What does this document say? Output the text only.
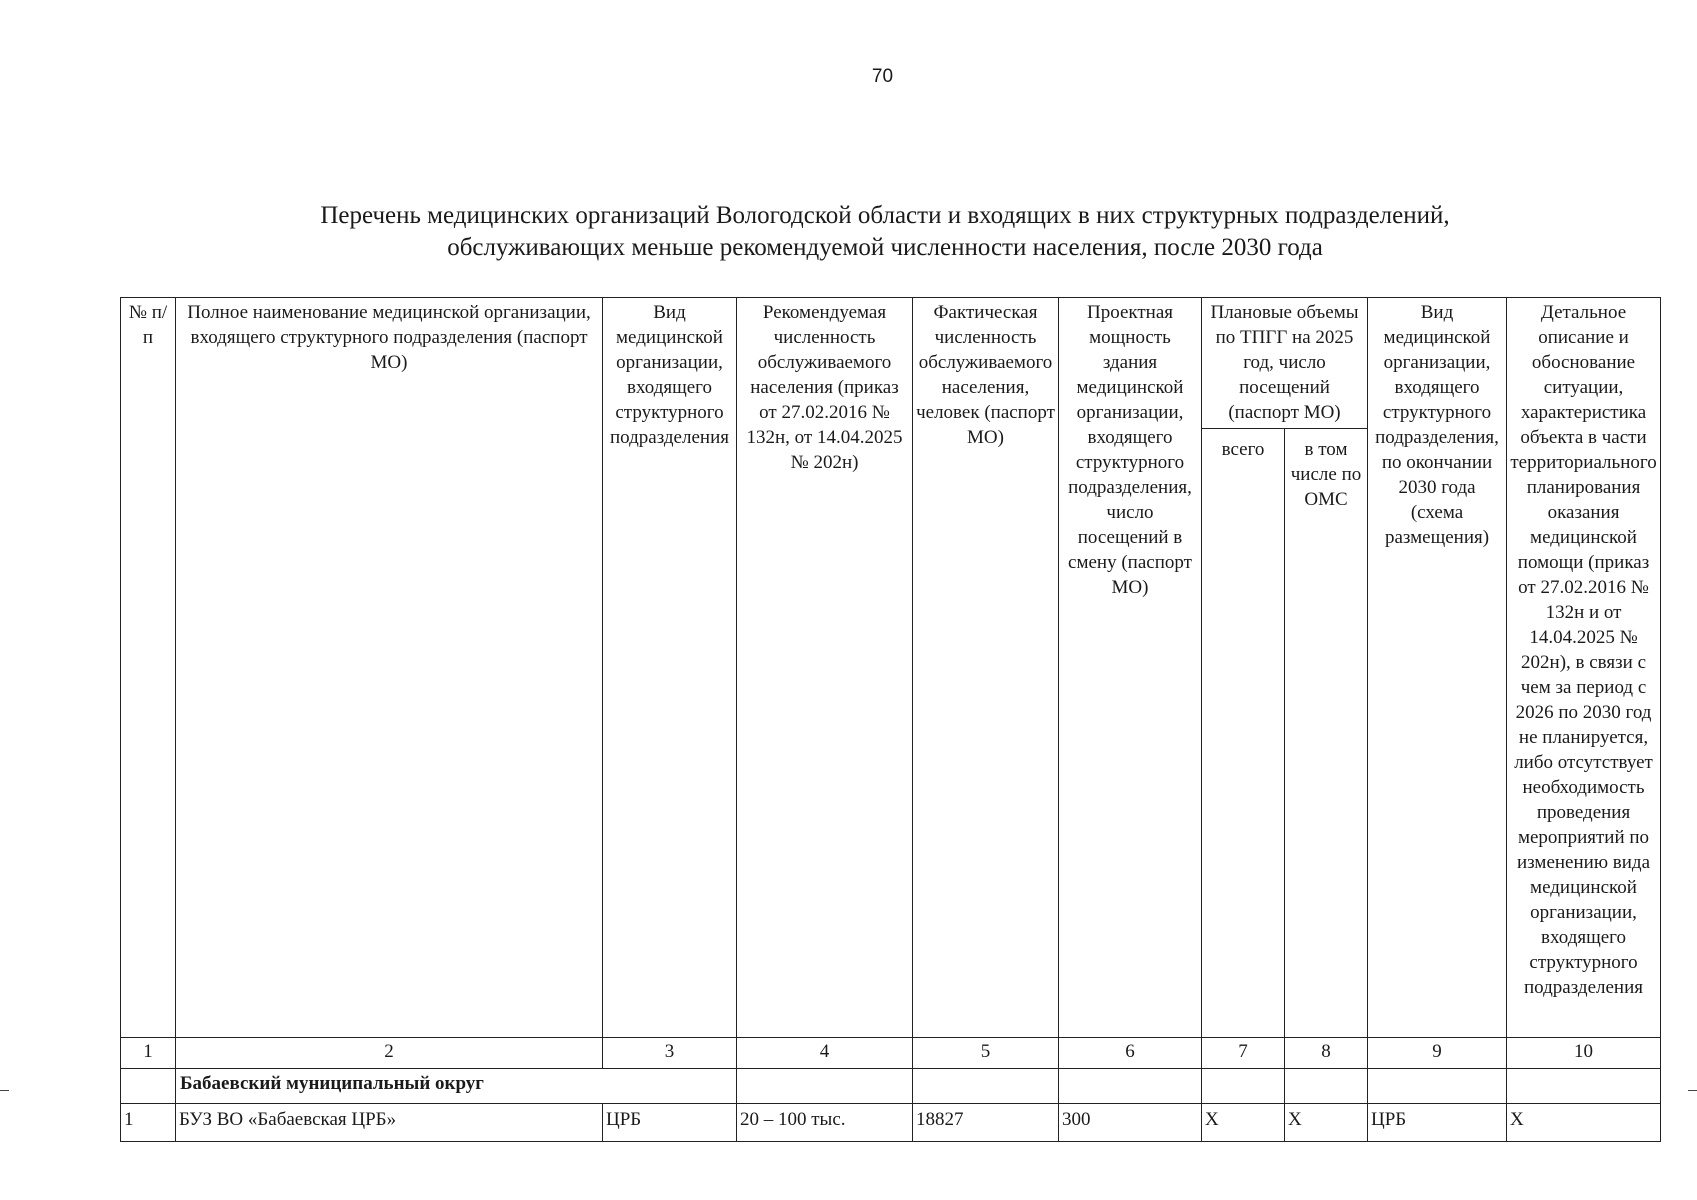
70
Перечень медицинских организаций Вологодской области и входящих в них структурных подразделений,
обслуживающих меньше рекомендуемой численности населения, после 2030 года
№ п/п	Полное наименование медицинской организации, входящего структурного подразделения (паспорт МО)	Вид медицинской организации, входящего структурного подразделения	Рекомендуемая численность обслуживаемого населения (приказ от 27.02.2016 № 132н, от 14.04.2025 № 202н)	Фактическая численность обслуживаемого населения, человек (паспорт МО)	Проектная мощность здания медицинской организации, входящего структурного подразделения, число посещений в смену (паспорт МО)	Плановые объемы по ТПГГ на 2025 год, число посещений (паспорт МО)		Вид медицинской организации, входящего структурного подразделения, по окончании 2030 года (схема размещения)	Детальное описание и обоснование ситуации, характеристика объекта в части территориального планирования оказания медицинской помощи (приказ от 27.02.2016 № 132н и от 14.04.2025 № 202н), в связи с чем за период с 2026 по 2030 год не планируется, либо отсутствует необходимость проведения мероприятий по изменению вида медицинской организации, входящего структурного подразделения
						всего	в том числе по ОМС		
1	2	3	4	5	6	7	8	9	10
	Бабаевский муниципальный округ								
1	БУЗ ВО «Бабаевская ЦРБ»	ЦРБ	20 – 100 тыс.	18827	300	Х	Х	ЦРБ	Х
